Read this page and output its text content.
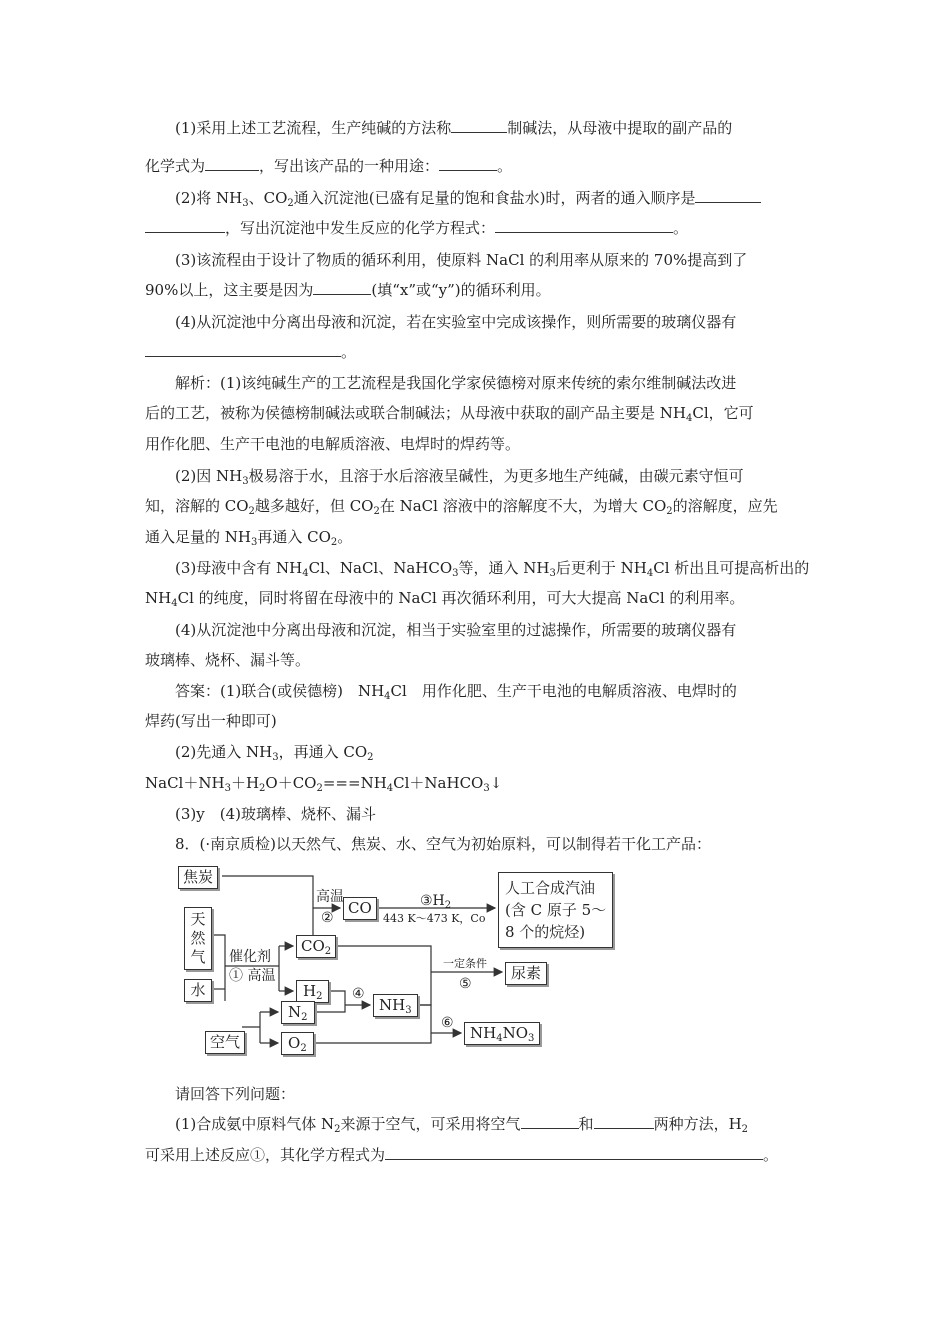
(1)采用上述工艺流程，生产纯碱的方法称	制碱法，从母液中提取的副产品的
化学式为	，写出该产品的一种用途：	。
(2)将 $NH_3$、$CO_2$通入沉淀池(已盛有足量的饱和食盐水)时，两者的通入顺序是
，写出沉淀池中发生反应的化学方程式：	。
(3)该流程由于设计了物质的循环利用，使原料 NaCl 的利用率从原来的 70%提高到了
90%以上，这主要是因为	(填“x”或“y”)的循环利用。
(4)从沉淀池中分离出母液和沉淀，若在实验室中完成该操作，则所需要的玻璃仪器有
。
解析：(1)该纯碱生产的工艺流程是我国化学家侯德榜对原来传统的索尔维制碱法改进
后的工艺，被称为侯德榜制碱法或联合制碱法；从母液中获取的副产品主要是 $NH_4Cl$，它可
用作化肥、生产干电池的电解质溶液、电焊时的焊药等。
(2)因 $NH_3$极易溶于水，且溶于水后溶液呈碱性，为更多地生产纯碱，由碳元素守恒可
知，溶解的 $CO_2$越多越好，但 $CO_2$在 NaCl 溶液中的溶解度不大，为增大 $CO_2$的溶解度，应先
通入足量的 $NH_3$再通入 $CO_2$。
(3)母液中含有 $NH_4Cl$、NaCl、NaHCO$_3$等，通入 $NH_3$后更利于 $NH_4Cl$ 析出且可提高析出的
$NH_4Cl$ 的纯度，同时将留在母液中的 NaCl 再次循环利用，可大大提高 NaCl 的利用率。
(4)从沉淀池中分离出母液和沉淀，相当于实验室里的过滤操作，所需要的玻璃仪器有
玻璃棒、烧杯、漏斗等。
答案：(1)联合(或侯德榜)　$NH_4Cl$　用作化肥、生产干电池的电解质溶液、电焊时的
焊药(写出一种即可)
(2)先通入 $NH_3$，再通入 $CO_2$
$NaCl+NH_3+H_2O+CO_2===NH_4Cl+NaHCO_3↓$
(3)y　(4)玻璃棒、烧杯、漏斗
8．(·南京质检)以天然气、焦炭、水、空气为初始原料，可以制得若干化工产品：
请回答下列问题：
(1)合成氨中原料气体 $N_2$来源于空气，可采用将空气	和	两种方法，$H_2$
可采用上述反应①，其化学方程式为	。
焦炭
天
然
气
水
空气
CO
$CO_2$
$H_2$
$N_2$
$O_2$
$NH_3$
人工合成汽油
(含 C 原子 5～
8 个的烷烃)
尿素
$NH_4NO_3$
高温
②
$③H_2$
443 K～473 K，Co
催化剂
① 高温
④
一定条件
⑤
⑥
